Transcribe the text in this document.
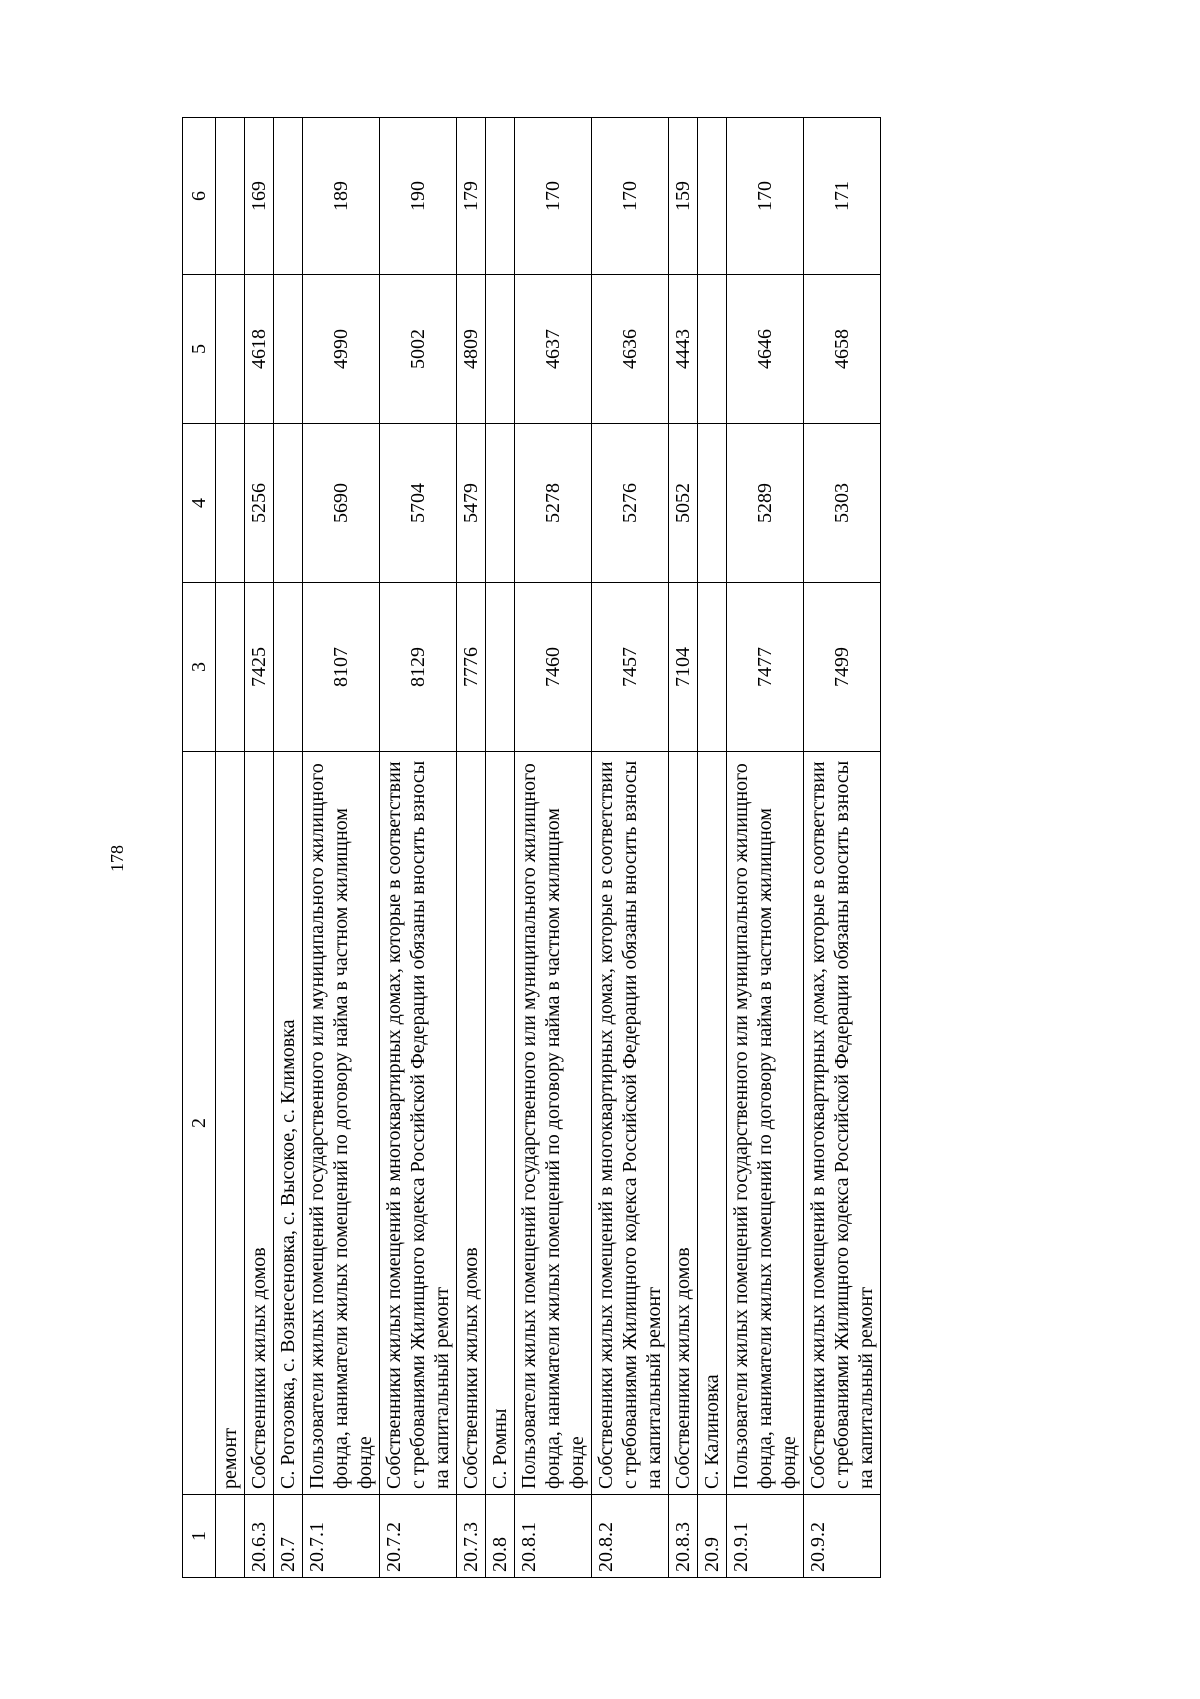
178
1	2	3	4	5	6
	ремонт				
20.6.3	Собственники жилых домов	7425	5256	4618	169
20.7	С. Рогозовка, с. Вознесеновка, с. Высокое, с. Климовка				
20.7.1	Пользователи жилых помещений государственного или муниципального жилищного фонда, наниматели жилых помещений по договору найма в частном жилищном фонде	8107	5690	4990	189
20.7.2	Собственники жилых помещений в многоквартирных домах, которые в соответствии с требованиями Жилищного кодекса Российской Федерации обязаны вносить взносы на капитальный ремонт	8129	5704	5002	190
20.7.3	Собственники жилых домов	7776	5479	4809	179
20.8	С. Ромны				
20.8.1	Пользователи жилых помещений государственного или муниципального жилищного фонда, наниматели жилых помещений по договору найма в частном жилищном фонде	7460	5278	4637	170
20.8.2	Собственники жилых помещений в многоквартирных домах, которые в соответствии с требованиями Жилищного кодекса Российской Федерации обязаны вносить взносы на капитальный ремонт	7457	5276	4636	170
20.8.3	Собственники жилых домов	7104	5052	4443	159
20.9	С. Калиновка				
20.9.1	Пользователи жилых помещений государственного или муниципального жилищного фонда, наниматели жилых помещений по договору найма в частном жилищном фонде	7477	5289	4646	170
20.9.2	Собственники жилых помещений в многоквартирных домах, которые в соответствии с требованиями Жилищного кодекса Российской Федерации обязаны вносить взносы на капитальный ремонт	7499	5303	4658	171
